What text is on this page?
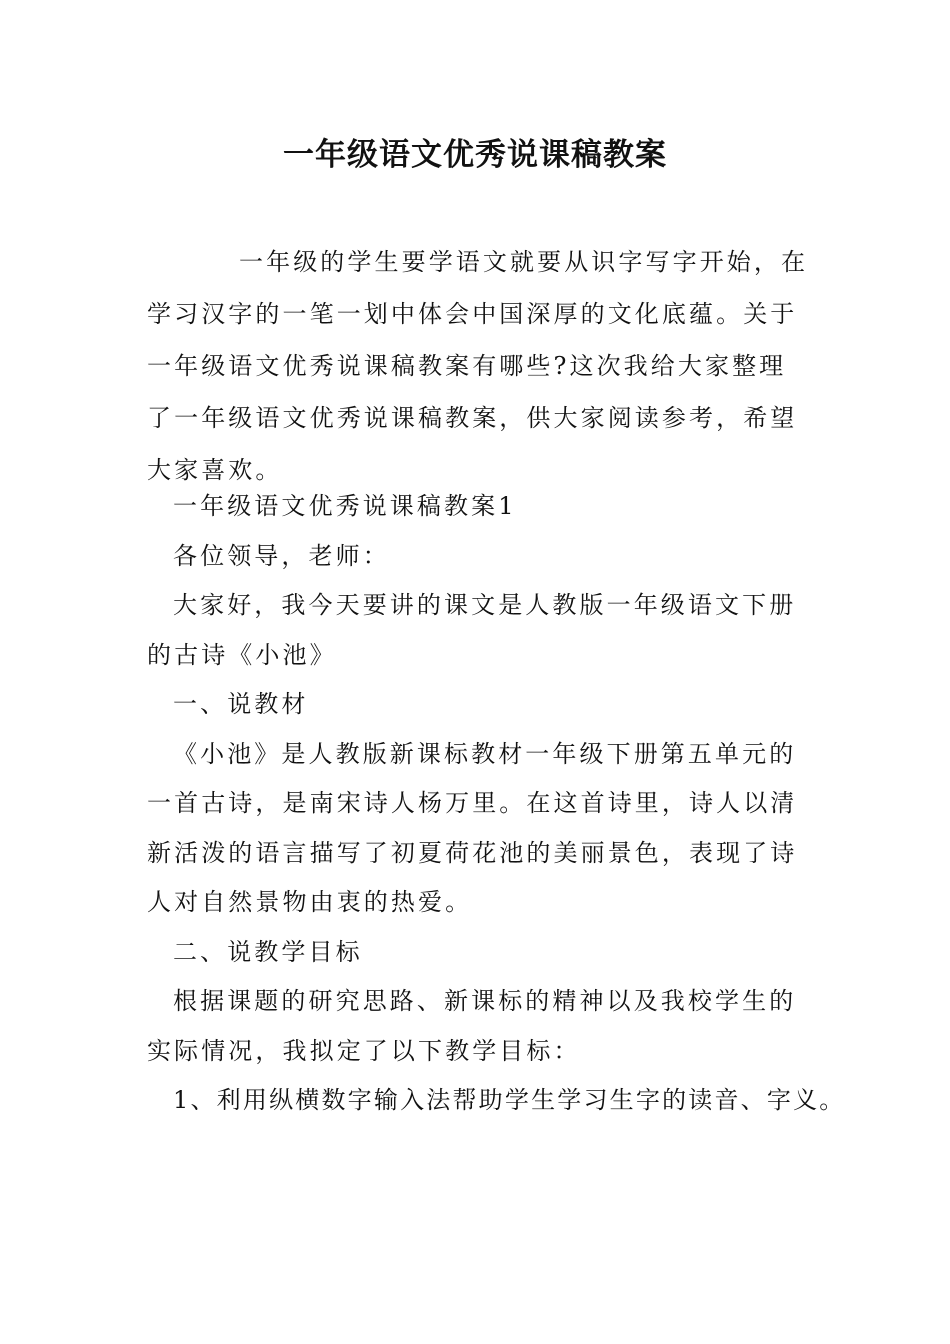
一年级语文优秀说课稿教案

一年级的学生要学语文就要从识字写字开始，在学习汉字的一笔一划中体会中国深厚的文化底蕴。关于一年级语文优秀说课稿教案有哪些?这次我给大家整理了一年级语文优秀说课稿教案，供大家阅读参考，希望大家喜欢。

一年级语文优秀说课稿教案1

各位领导，老师：

大家好，我今天要讲的课文是人教版一年级语文下册的古诗《小池》

一、说教材

《小池》是人教版新课标教材一年级下册第五单元的一首古诗，是南宋诗人杨万里。在这首诗里，诗人以清新活泼的语言描写了初夏荷花池的美丽景色，表现了诗人对自然景物由衷的热爱。

二、说教学目标

根据课题的研究思路、新课标的精神以及我校学生的实际情况，我拟定了以下教学目标：

1、利用纵横数字输入法帮助学生学习生字的读音、字义。
